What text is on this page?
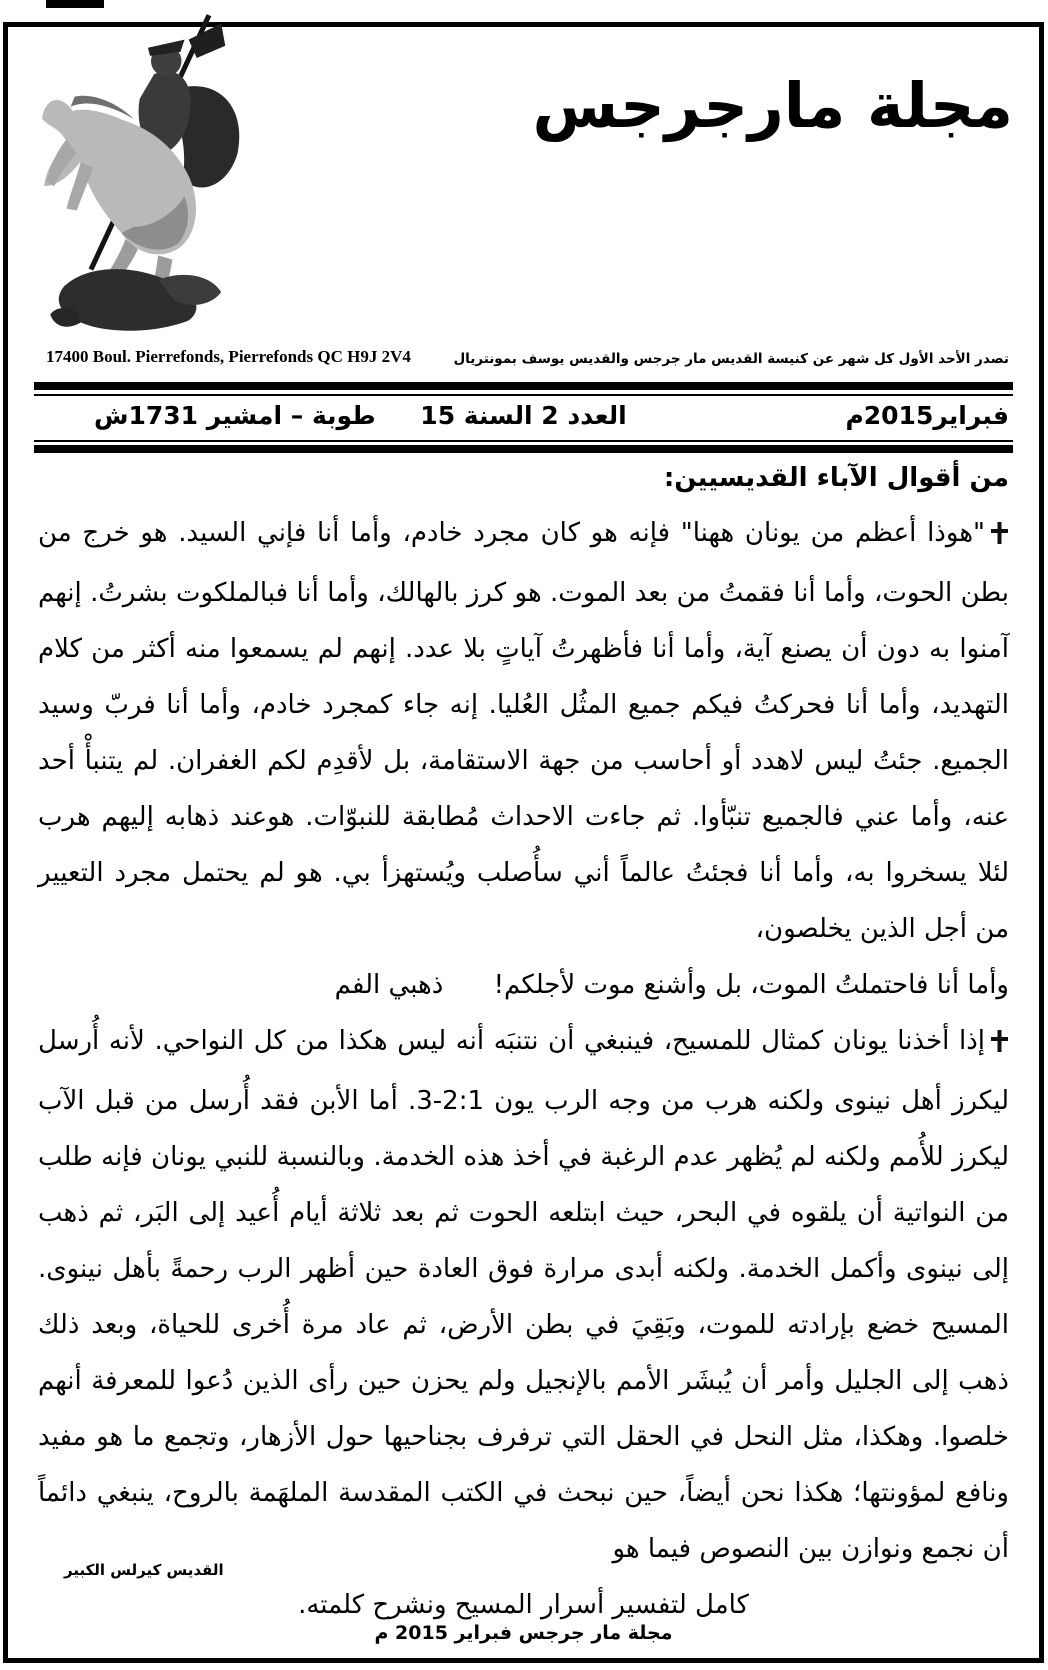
مجلة مارجرجس
17400 Boul. Pierrefonds, Pierrefonds QC H9J 2V4	تصدر الأحد الأول كل شهر عن كنيسة القديس مار جرجس والقديس يوسف بمونتريال
فبراير2015م
العدد 2 السنة 15
طوبة – امشير 1731ش
من أقوال الآباء القديسيين:

"هوذا أعظم من يونان ههنا" فإنه هو كان مجرد خادم، وأما أنا فإني السيد. هو خرج من بطن الحوت، وأما أنا فقمتُ من بعد الموت. هو كرز بالهالك، وأما أنا فبالملكوت بشرتُ. إنهم آمنوا به دون أن يصنع آية، وأما أنا فأظهرتُ آياتٍ بلا عدد. إنهم لم يسمعوا منه أكثر من كلام التهديد، وأما أنا فحركتُ فيكم جميع المثُل العُليا. إنه جاء كمجرد خادم، وأما أنا فربّ وسيد الجميع. جئتُ ليس لاهدد أو أحاسب من جهة الاستقامة، بل لأقدِم لكم الغفران. لم يتنبأْ أحد عنه، وأما عني فالجميع تنبّأوا. ثم جاءت الاحداث مُطابقة للنبوّات. هوعند ذهابه إليهم هرب لئلا يسخروا به، وأما أنا فجئتُ عالماً أني سأُصلب ويُستهزأ بي. هو لم يحتمل مجرد التعيير من أجل الذين يخلصون،

وأما أنا فاحتملتُ الموت، بل وأشنع موت لأجلكم! ذهبي الفم

إذا أخذنا يونان كمثال للمسيح، فينبغي أن نتنبَه أنه ليس هكذا من كل النواحي. لأنه أُرسل ليكرز أهل نينوى ولكنه هرب من وجه الرب يون 2:1-3. أما الأبن فقد أُرسل من قبل الآب ليكرز للأُمم ولكنه لم يُظهر عدم الرغبة في أخذ هذه الخدمة. وبالنسبة للنبي يونان فإنه طلب من النواتية أن يلقوه في البحر، حيث ابتلعه الحوت ثم بعد ثلاثة أيام أُعيد إلى البَر، ثم ذهب إلى نينوى وأكمل الخدمة. ولكنه أبدى مرارة فوق العادة حين أظهر الرب رحمةً بأهل نينوى. المسيح خضع بإرادته للموت، وبَقِيَ في بطن الأرض، ثم عاد مرة أُخرى للحياة، وبعد ذلك ذهب إلى الجليل وأمر أن يُبشَر الأمم بالإنجيل ولم يحزن حين رأى الذين دُعوا للمعرفة أنهم خلصوا. وهكذا، مثل النحل في الحقل التي ترفرف بجناحيها حول الأزهار، وتجمع ما هو مفيد ونافع لمؤونتها؛ هكذا نحن أيضاً، حين نبحث في الكتب المقدسة الملهَمة بالروح، ينبغي دائماً أن نجمع ونوازن بين النصوص فيما هو

كامل لتفسير أسرار المسيح ونشرح كلمته.
القديس كيرلس الكبير
مجلة مار جرجس فبراير 2015 م
